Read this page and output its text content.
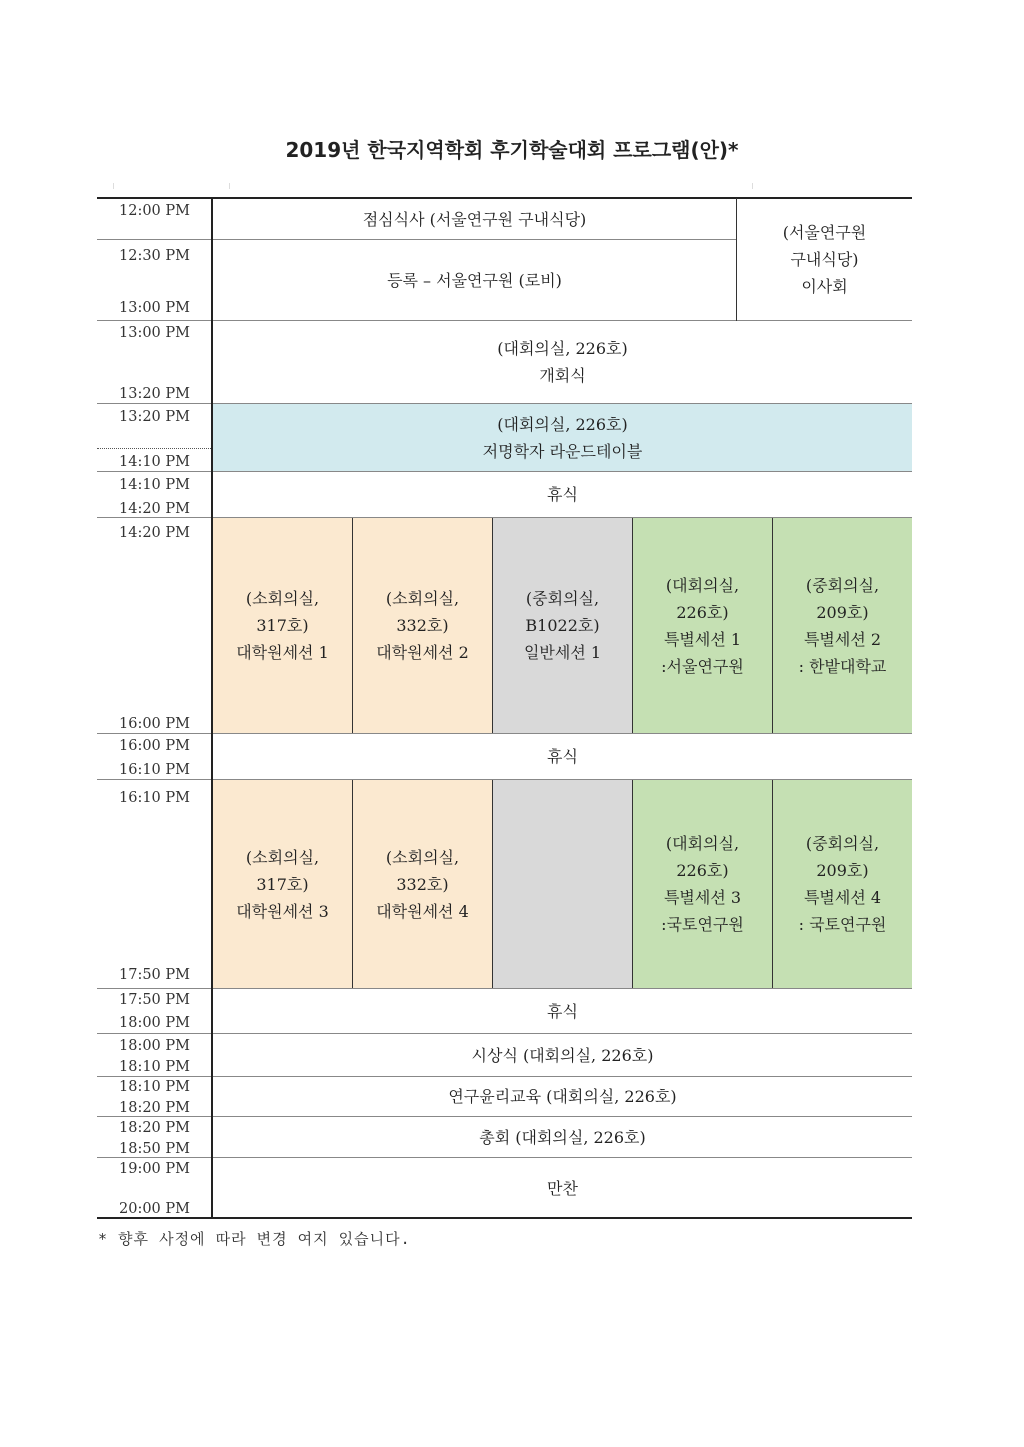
2019년 한국지역학회 후기학술대회 프로그램(안)*
(대회의실, 226호)
저명학자 라운드테이블
(소회의실,
317호)
대학원세션 1
(소회의실,
332호)
대학원세션 2
(중회의실,
B1022호)
일반세션 1
(대회의실,
226호)
특별세션 1
:서울연구원
(중회의실,
209호)
특별세션 2
: 한밭대학교
(소회의실,
317호)
대학원세션 3
(소회의실,
332호)
대학원세션 4
(대회의실,
226호)
특별세션 3
:국토연구원
(중회의실,
209호)
특별세션 4
: 국토연구원
점심식사 (서울연구원 구내식당)
등록 – 서울연구원 (로비)
(서울연구원
구내식당)
이사회
(대회의실, 226호)
개회식
휴식
휴식
휴식
시상식 (대회의실, 226호)
연구윤리교육 (대회의실, 226호)
총회 (대회의실, 226호)
만찬
12:00 PM
12:30 PM
13:00 PM
13:00 PM
13:20 PM
13:20 PM
14:10 PM
14:10 PM
14:20 PM
14:20 PM
16:00 PM
16:00 PM
16:10 PM
16:10 PM
17:50 PM
17:50 PM
18:00 PM
18:00 PM
18:10 PM
18:10 PM
18:20 PM
18:20 PM
18:50 PM
19:00 PM
20:00 PM
* 향후 사정에 따라 변경 여지 있습니다.
